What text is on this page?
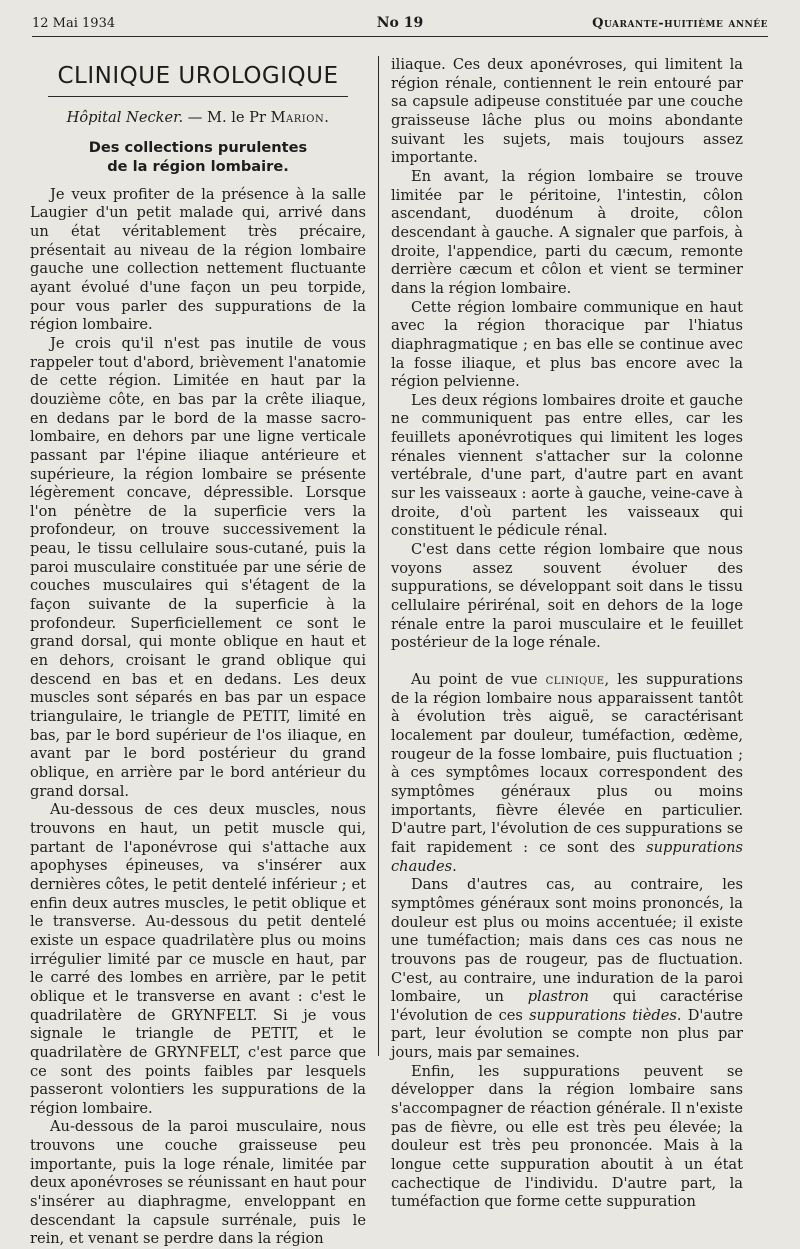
12 Mai 1934	No 19	Quarante-huitième année
CLINIQUE UROLOGIQUE
Hôpital Necker. — M. le Pr Marion.
Des collections purulentes
de la région lombaire.

Je veux profiter de la présence à la salle Laugier d'un petit malade qui, arrivé dans un état véritablement très précaire, présentait au niveau de la région lombaire gauche une collection nettement fluctuante ayant évolué d'une façon un peu torpide, pour vous parler des suppurations de la région lombaire.

Je crois qu'il n'est pas inutile de vous rappeler tout d'abord, brièvement l'anatomie de cette région. Limitée en haut par la douzième côte, en bas par la crête iliaque, en dedans par le bord de la masse sacro-lombaire, en dehors par une ligne verticale passant par l'épine iliaque antérieure et supérieure, la région lombaire se présente légèrement concave, dépressible. Lorsque l'on pénètre de la superficie vers la profondeur, on trouve successivement la peau, le tissu cellulaire sous-cutané, puis la paroi musculaire constituée par une série de couches musculaires qui s'étagent de la façon suivante de la superficie à la profondeur. Superficiellement ce sont le grand dorsal, qui monte oblique en haut et en dehors, croisant le grand oblique qui descend en bas et en dedans. Les deux muscles sont séparés en bas par un espace triangulaire, le triangle de PETIT, limité en bas, par le bord supérieur de l'os iliaque, en avant par le bord postérieur du grand oblique, en arrière par le bord antérieur du grand dorsal.

Au-dessous de ces deux muscles, nous trouvons en haut, un petit muscle qui, partant de l'aponévrose qui s'attache aux apophyses épineuses, va s'insérer aux dernières côtes, le petit dentelé inférieur ; et enfin deux autres muscles, le petit oblique et le transverse. Au-dessous du petit dentelé existe un espace quadrilatère plus ou moins irrégulier limité par ce muscle en haut, par le carré des lombes en arrière, par le petit oblique et le transverse en avant : c'est le quadrilatère de GRYNFELT. Si je vous signale le triangle de PETIT, et le quadrilatère de GRYNFELT, c'est parce que ce sont des points faibles par lesquels passeront volontiers les suppurations de la région lombaire.

Au-dessous de la paroi musculaire, nous trouvons une couche graisseuse peu importante, puis la loge rénale, limitée par deux aponévroses se réunissant en haut pour s'insérer au diaphragme, enveloppant en descendant la capsule surrénale, puis le rein, et venant se perdre dans la région

iliaque. Ces deux aponévroses, qui limitent la région rénale, contiennent le rein entouré par sa capsule adipeuse constituée par une couche graisseuse lâche plus ou moins abondante suivant les sujets, mais toujours assez importante.

En avant, la région lombaire se trouve limitée par le péritoine, l'intestin, côlon ascendant, duodénum à droite, côlon descendant à gauche. A signaler que parfois, à droite, l'appendice, parti du cæcum, remonte derrière cæcum et côlon et vient se terminer dans la région lombaire.

Cette région lombaire communique en haut avec la région thoracique par l'hiatus diaphragmatique ; en bas elle se continue avec la fosse iliaque, et plus bas encore avec la région pelvienne.

Les deux régions lombaires droite et gauche ne communiquent pas entre elles, car les feuillets aponévrotiques qui limitent les loges rénales viennent s'attacher sur la colonne vertébrale, d'une part, d'autre part en avant sur les vaisseaux : aorte à gauche, veine-cave à droite, d'où partent les vaisseaux qui constituent le pédicule rénal.

C'est dans cette région lombaire que nous voyons assez souvent évoluer des suppurations, se développant soit dans le tissu cellulaire périrénal, soit en dehors de la loge rénale entre la paroi musculaire et le feuillet postérieur de la loge rénale.

Au point de vue clinique, les suppurations de la région lombaire nous apparaissent tantôt à évolution très aiguë, se caractérisant localement par douleur, tuméfaction, œdème, rougeur de la fosse lombaire, puis fluctuation ; à ces symptômes locaux correspondent des symptômes généraux plus ou moins importants, fièvre élevée en particulier. D'autre part, l'évolution de ces suppurations se fait rapidement : ce sont des suppurations chaudes.

Dans d'autres cas, au contraire, les symptômes généraux sont moins prononcés, la douleur est plus ou moins accentuée; il existe une tuméfaction; mais dans ces cas nous ne trouvons pas de rougeur, pas de fluctuation. C'est, au contraire, une induration de la paroi lombaire, un plastron qui caractérise l'évolution de ces suppurations tièdes. D'autre part, leur évolution se compte non plus par jours, mais par semaines.

Enfin, les suppurations peuvent se développer dans la région lombaire sans s'accompagner de réaction générale. Il n'existe pas de fièvre, ou elle est très peu élevée; la douleur est très peu prononcée. Mais à la longue cette suppuration aboutit à un état cachectique de l'individu. D'autre part, la tuméfaction que forme cette suppuration
